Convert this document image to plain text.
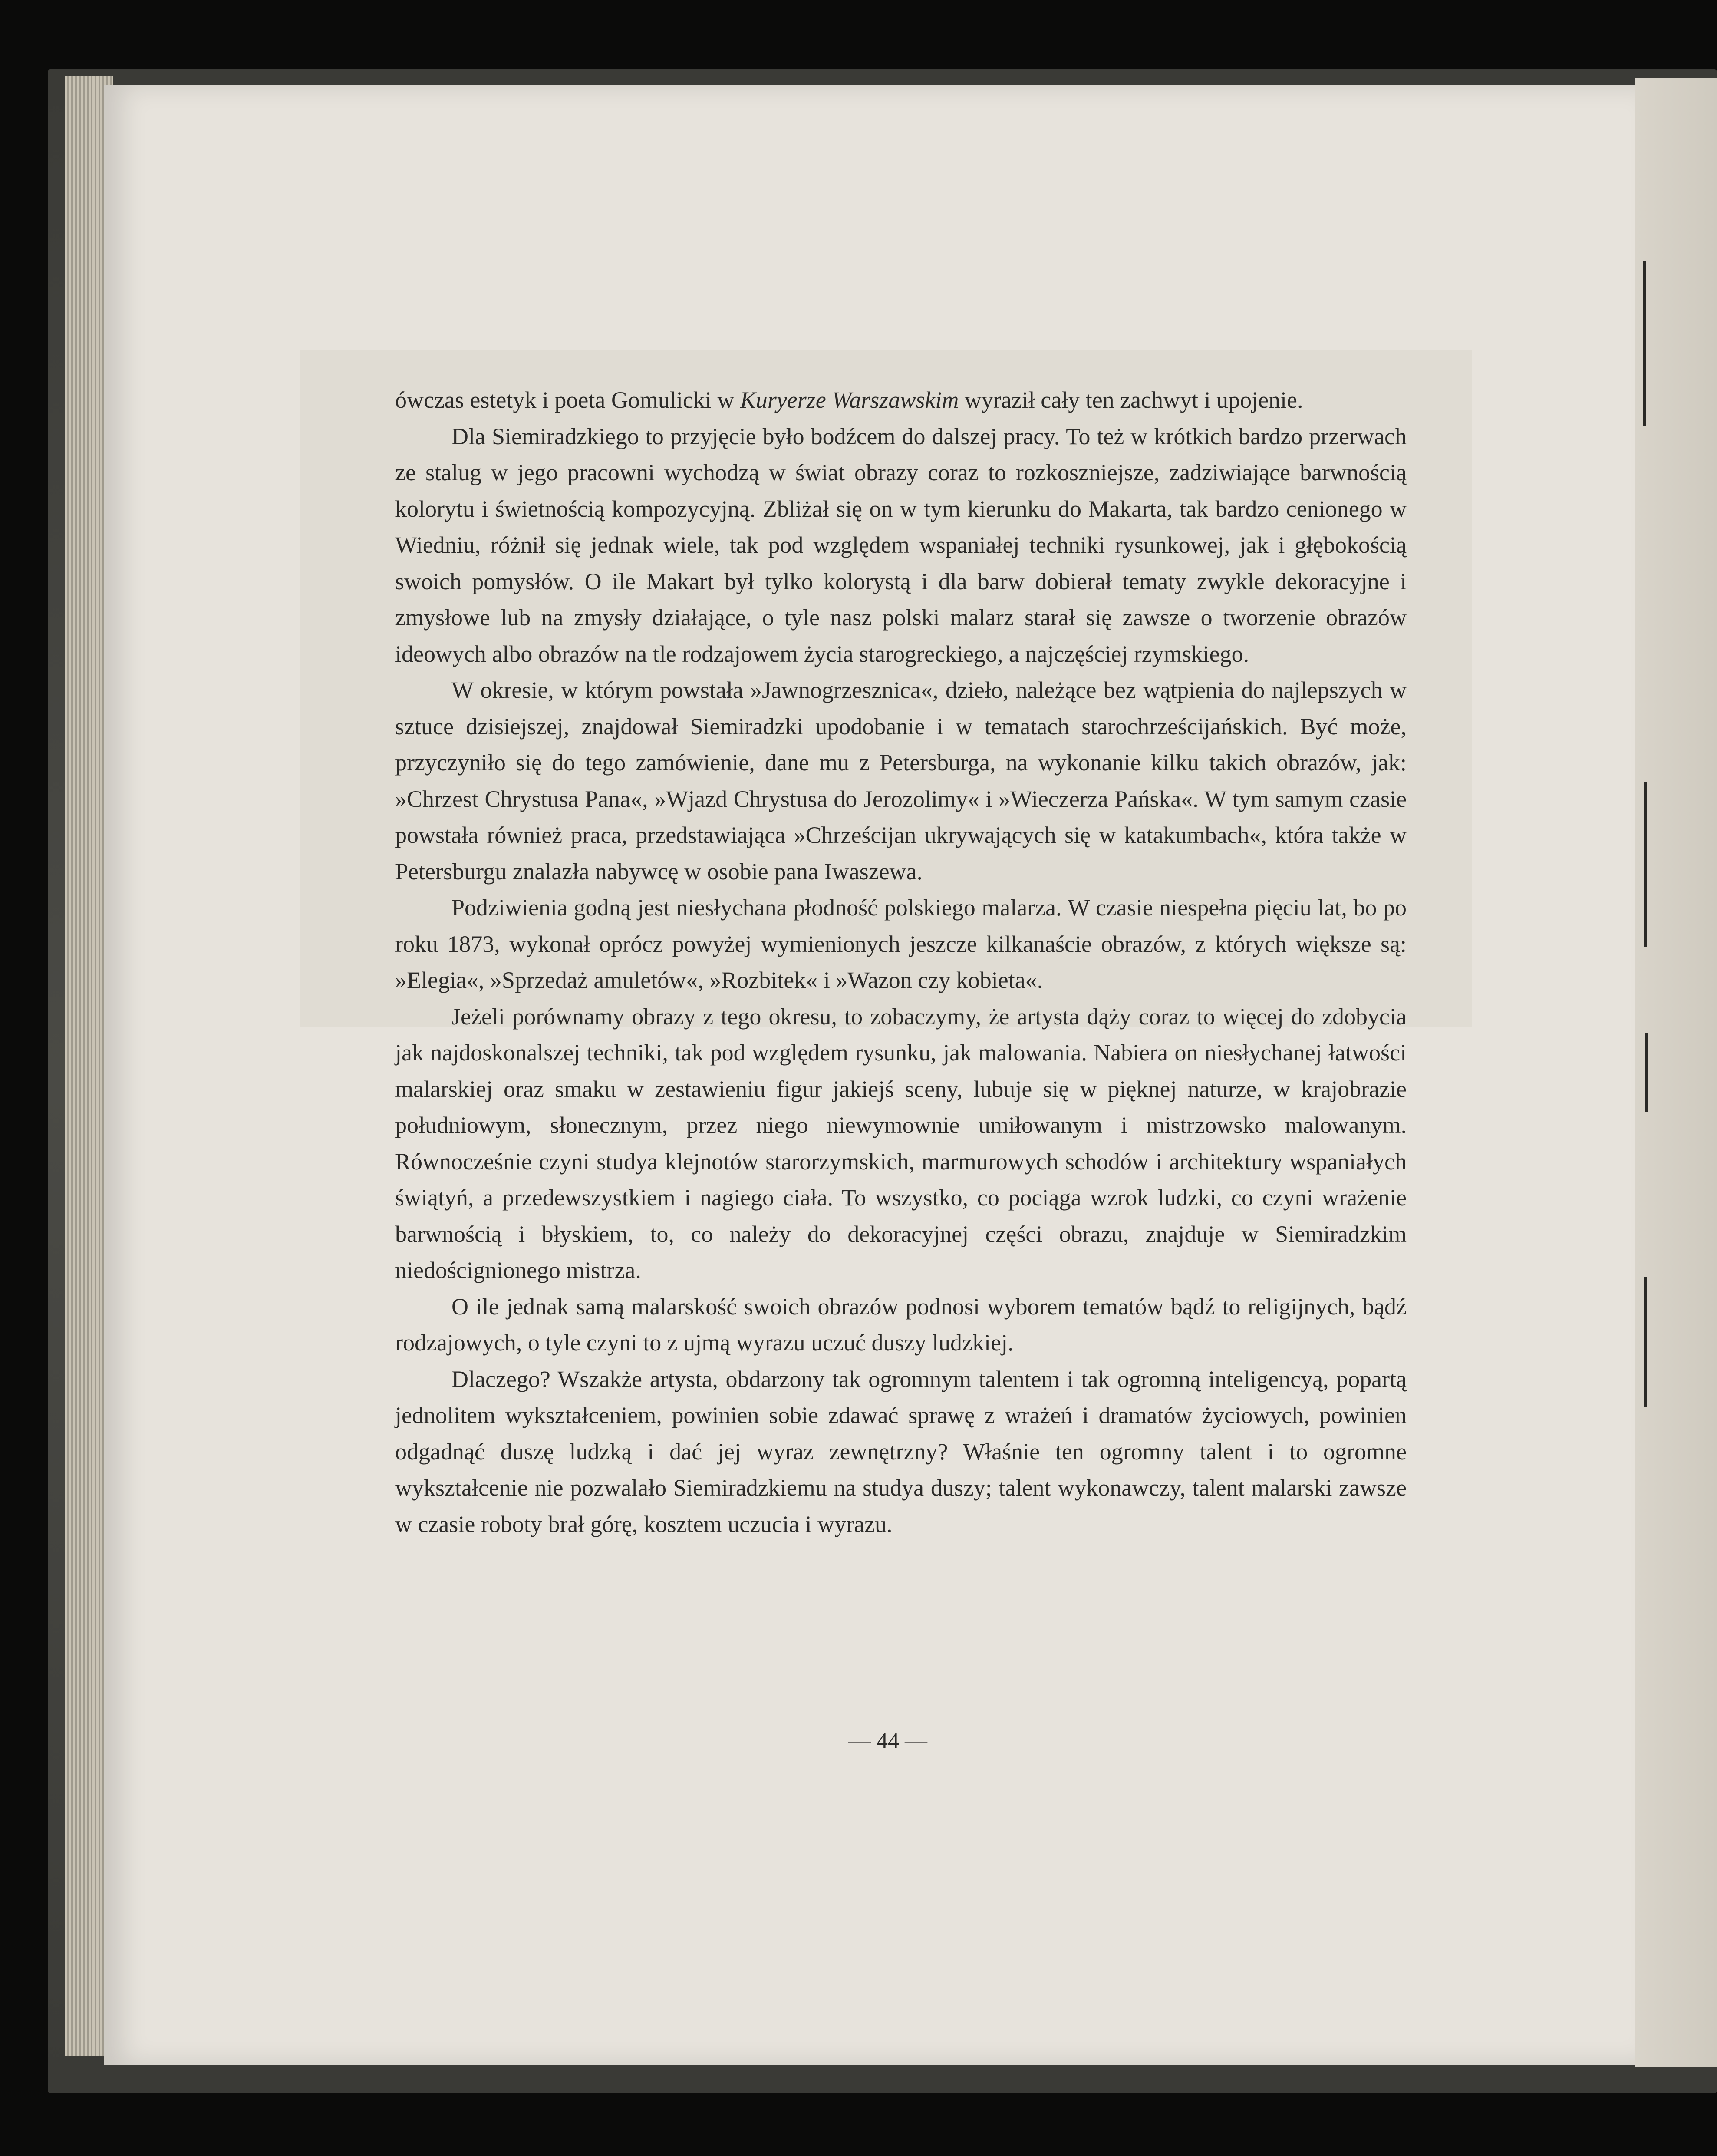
ówczas estetyk i poeta Gomulicki w Kuryerze Warszawskim wyraził cały ten zachwyt i upojenie.

Dla Siemiradzkiego to przyjęcie było bodźcem do dalszej pracy. To też w krótkich bardzo przerwach ze stalug w jego pracowni wychodzą w świat obrazy coraz to rozkoszniejsze, zadziwiające barwnością kolorytu i świetnością kompozycyjną. Zbliżał się on w tym kierunku do Makarta, tak bardzo cenionego w Wiedniu, różnił się jednak wiele, tak pod względem wspaniałej techniki rysunkowej, jak i głębokością swoich pomysłów. O ile Makart był tylko kolorystą i dla barw dobierał tematy zwykle dekoracyjne i zmysłowe lub na zmysły działające, o tyle nasz polski malarz starał się zawsze o tworzenie obrazów ideowych albo obrazów na tle rodzajowem życia starogreckiego, a najczęściej rzymskiego.

W okresie, w którym powstała »Jawnogrzesznica«, dzieło, należące bez wątpienia do najlepszych w sztuce dzisiejszej, znajdował Siemiradzki upodobanie i w tematach starochrześcijańskich. Być może, przyczyniło się do tego zamówienie, dane mu z Petersburga, na wykonanie kilku takich obrazów, jak: »Chrzest Chrystusa Pana«, »Wjazd Chrystusa do Jerozolimy« i »Wieczerza Pańska«. W tym samym czasie powstała również praca, przedstawiająca »Chrześcijan ukrywających się w katakumbach«, która także w Petersburgu znalazła nabywcę w osobie pana Iwaszewa.

Podziwienia godną jest niesłychana płodność polskiego malarza. W czasie niespełna pięciu lat, bo po roku 1873, wykonał oprócz powyżej wymienionych jeszcze kilkanaście obrazów, z których większe są: »Elegia«, »Sprzedaż amuletów«, »Rozbitek« i »Wazon czy kobieta«.

Jeżeli porównamy obrazy z tego okresu, to zobaczymy, że artysta dąży coraz to więcej do zdobycia jak najdoskonalszej techniki, tak pod względem rysunku, jak malowania. Nabiera on niesłychanej łatwości malarskiej oraz smaku w zestawieniu figur jakiejś sceny, lubuje się w pięknej naturze, w krajobrazie południowym, słonecznym, przez niego niewymownie umiłowanym i mistrzowsko malowanym. Równocześnie czyni studya klejnotów starorzymskich, marmurowych schodów i architektury wspaniałych świątyń, a przedewszystkiem i nagiego ciała. To wszystko, co pociąga wzrok ludzki, co czyni wrażenie barwnością i błyskiem, to, co należy do dekoracyjnej części obrazu, znajduje w Siemiradzkim niedoścignionego mistrza.

O ile jednak samą malarskość swoich obrazów podnosi wyborem tematów bądź to religijnych, bądź rodzajowych, o tyle czyni to z ujmą wyrazu uczuć duszy ludzkiej.

Dlaczego? Wszakże artysta, obdarzony tak ogromnym talentem i tak ogromną inteligencyą, popartą jednolitem wykształceniem, powinien sobie zdawać sprawę z wrażeń i dramatów życiowych, powinien odgadnąć duszę ludzką i dać jej wyraz zewnętrzny? Właśnie ten ogromny talent i to ogromne wykształcenie nie pozwalało Siemiradzkiemu na studya duszy; talent wykonawczy, talent malarski zawsze w czasie roboty brał górę, kosztem uczucia i wyrazu.

— 44 —
